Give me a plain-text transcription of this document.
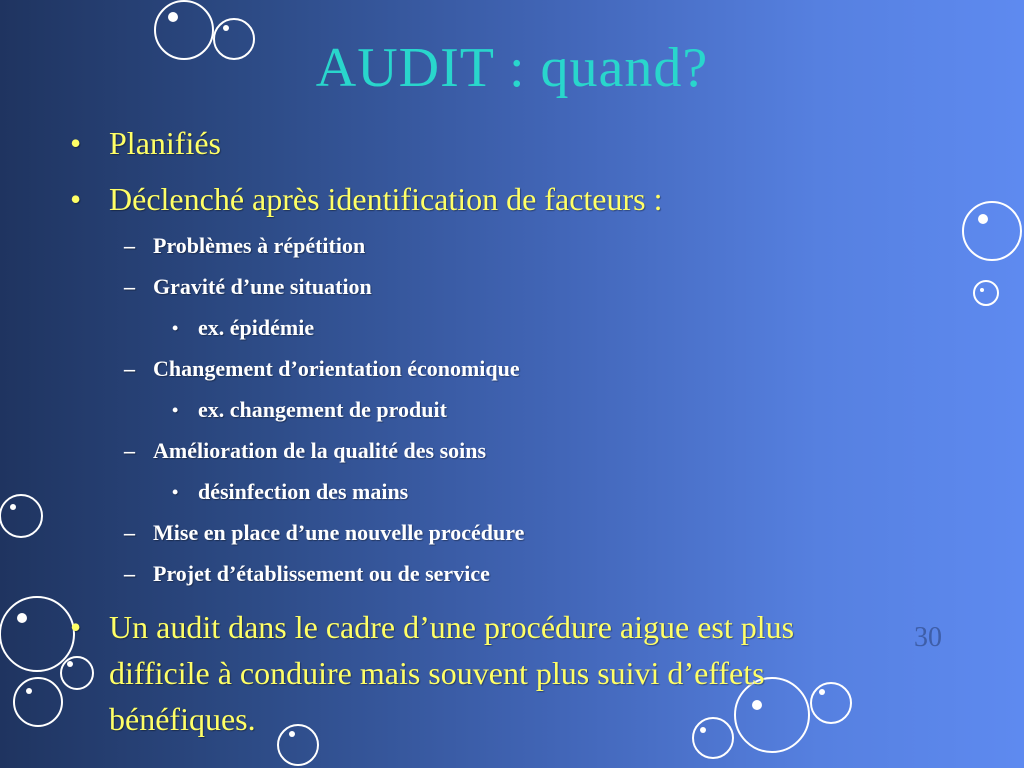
AUDIT : quand?
• Planifiés
• Déclenché après identification de facteurs :
– Problèmes à répétition
– Gravité d’une situation
• ex. épidémie
– Changement d’orientation économique
• ex. changement de produit
– Amélioration de la qualité des soins
• désinfection des mains
– Mise en place d’une nouvelle procédure
– Projet d’établissement ou de service
• Un audit dans le cadre d’une procédure aigue est plus
difficile à conduire mais souvent plus suivi d’effets
bénéfiques.
30
